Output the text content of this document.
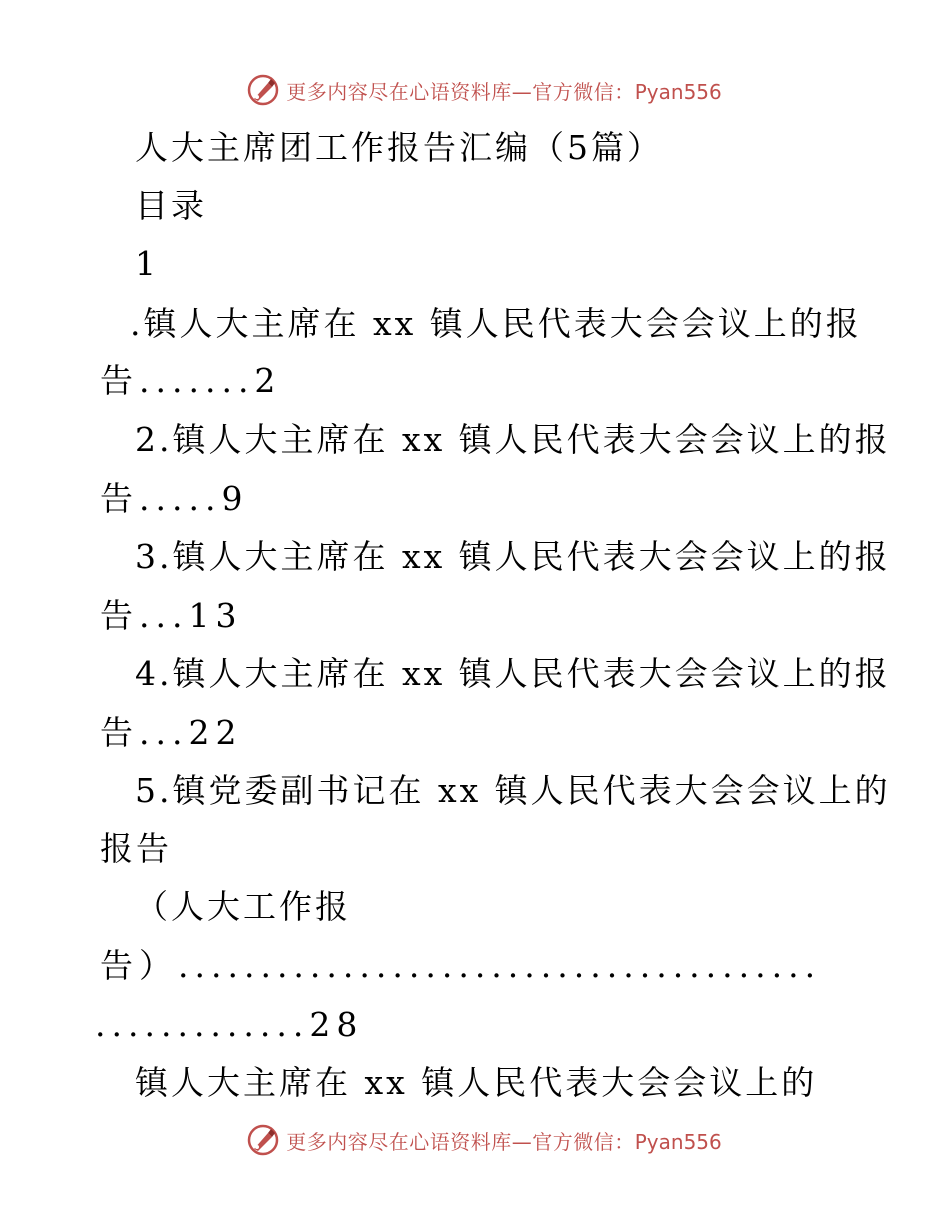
更多内容尽在心语资料库—官方微信：Pyan556
人大主席团工作报告汇编（5篇）
目录
1
.镇人大主席在 xx 镇人民代表大会会议上的报
告.......2
2.镇人大主席在 xx 镇人民代表大会会议上的报
告.....9
3.镇人大主席在 xx 镇人民代表大会会议上的报
告...13
4.镇人大主席在 xx 镇人民代表大会会议上的报
告...22
5.镇党委副书记在 xx 镇人民代表大会会议上的
报告
（人大工作报
告）.......................................
.............28
镇人大主席在 xx 镇人民代表大会会议上的
更多内容尽在心语资料库—官方微信：Pyan556
